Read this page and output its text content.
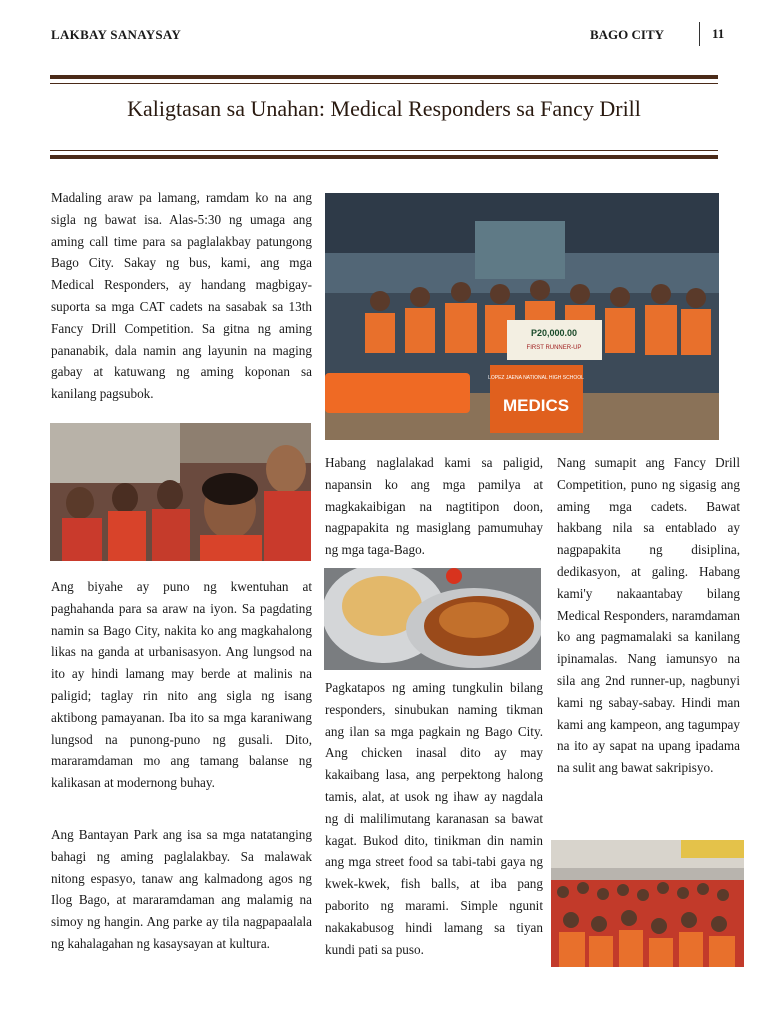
LAKBAY SANAYSAY	BAGO CITY	11
Kaligtasan sa Unahan: Medical Responders sa Fancy Drill

Madaling araw pa lamang, ramdam ko na ang sigla ng bawat isa. Alas-5:30 ng umaga ang aming call time para sa paglalakbay patungong Bago City. Sakay ng bus, kami, ang mga Medical Responders, ay handang magbigay-suporta sa mga CAT cadets na sasabak sa 13th Fancy Drill Competition. Sa gitna ng aming pananabik, dala namin ang layunin na maging gabay at katuwang ng aming koponan sa kanilang pagsubok.

Ang biyahe ay puno ng kwentuhan at paghahanda para sa araw na iyon. Sa pagdating namin sa Bago City, nakita ko ang magkahalong likas na ganda at urbanisasyon. Ang lungsod na ito ay hindi lamang may berde at malinis na paligid; taglay rin nito ang sigla ng isang aktibong pamayanan. Iba ito sa mga karaniwang lungsod na punong-puno ng gusali. Dito, mararamdaman mo ang tamang balanse ng kalikasan at modernong buhay.

Ang Bantayan Park ang isa sa mga natatanging bahagi ng aming paglalakbay. Sa malawak nitong espasyo, tanaw ang kalmadong agos ng Ilog Bago, at mararamdaman ang malamig na simoy ng hangin. Ang parke ay tila nagpapaalala ng kahalagahan ng kasaysayan at kultura.

P20,000.00
FIRST RUNNER-UP
LOPEZ JAENA NATIONAL HIGH SCHOOL
MEDICS

Habang naglalakad kami sa paligid, napansin ko ang mga pamilya at magkakaibigan na nagtitipon doon, nagpapakita ng masiglang pamumuhay ng mga taga-Bago.

Pagkatapos ng aming tungkulin bilang responders, sinubukan naming tikman ang ilan sa mga pagkain ng Bago City. Ang chicken inasal dito ay may kakaibang lasa, ang perpektong halong tamis, alat, at usok ng ihaw ay nagdala ng di malilimutang karanasan sa bawat kagat. Bukod dito, tinikman din namin ang mga street food sa tabi-tabi gaya ng kwek-kwek, fish balls, at iba pang paborito ng marami. Simple ngunit nakakabusog hindi lamang sa tiyan kundi pati sa puso.

Nang sumapit ang Fancy Drill Competition, puno ng sigasig ang aming mga cadets. Bawat hakbang nila sa entablado ay nagpapakita ng disiplina, dedikasyon, at galing. Habang kami'y nakaantabay bilang Medical Responders, naramdaman ko ang pagmamalaki sa kanilang ipinamalas. Nang iamunsyo na sila ang 2nd runner-up, nagbunyi kami ng sabay-sabay. Hindi man kami ang kampeon, ang tagumpay na ito ay sapat na upang ipadama na sulit ang bawat sakripisyo.
